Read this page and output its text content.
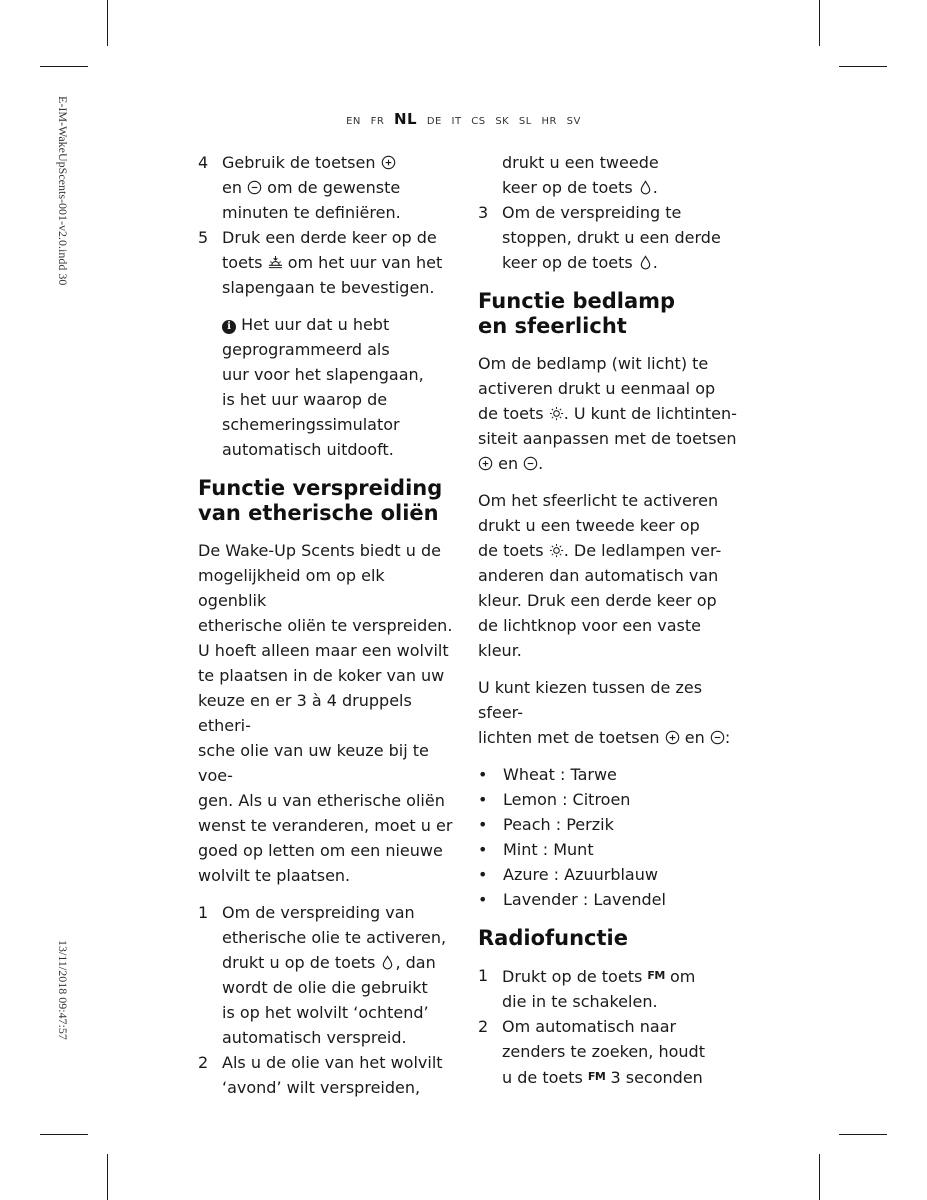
E-IM-WakeUpScents-001-v2.0.indd 30
13/11/2018 09:47:57
EN FR NL DE IT CS SK SL HR SV
4 Gebruik de toetsen
en om de gewenste
minuten te definiëren.
5 Druk een derde keer op de
toets om het uur van het
slapengaan te bevestigen.
i Het uur dat u hebt
geprogrammeerd als
uur voor het slapengaan,
is het uur waarop de
schemeringssimulator
automatisch uitdooft.
Functie verspreiding
van etherische oliën

De Wake-Up Scents biedt u de
mogelijkheid om op elk ogenblik
etherische oliën te verspreiden.
U hoeft alleen maar een wolvilt
te plaatsen in de koker van uw
keuze en er 3 à 4 druppels etheri-
sche olie van uw keuze bij te voe-
gen. Als u van etherische oliën
wenst te veranderen, moet u er
goed op letten om een nieuwe
wolvilt te plaatsen.

1 Om de verspreiding van
etherische olie te activeren,
drukt u op de toets , dan
wordt de olie die gebruikt
is op het wolvilt ‘ochtend’
automatisch verspreid.
2 Als u de olie van het wolvilt
‘avond’ wilt verspreiden,
drukt u een tweede
keer op de toets .
3 Om de verspreiding te
stoppen, drukt u een derde
keer op de toets .
Functie bedlamp
en sfeerlicht

Om de bedlamp (wit licht) te
activeren drukt u eenmaal op
de toets . U kunt de lichtinten-
siteit aanpassen met de toetsen

en .

Om het sfeerlicht te activeren
drukt u een tweede keer op
de toets . De ledlampen ver-
anderen dan automatisch van
kleur. Druk een derde keer op
de lichtknop voor een vaste kleur.

U kunt kiezen tussen de zes sfeer-
lichten met de toetsen en :

• Wheat : Tarwe
• Lemon : Citroen
• Peach : Perzik
• Mint : Munt
• Azure : Azuurblauw
• Lavender : Lavendel
Radiofunctie
1 Drukt op de toets FM om
die in te schakelen.
2 Om automatisch naar
zenders te zoeken, houdt
u de toets FM 3 seconden
